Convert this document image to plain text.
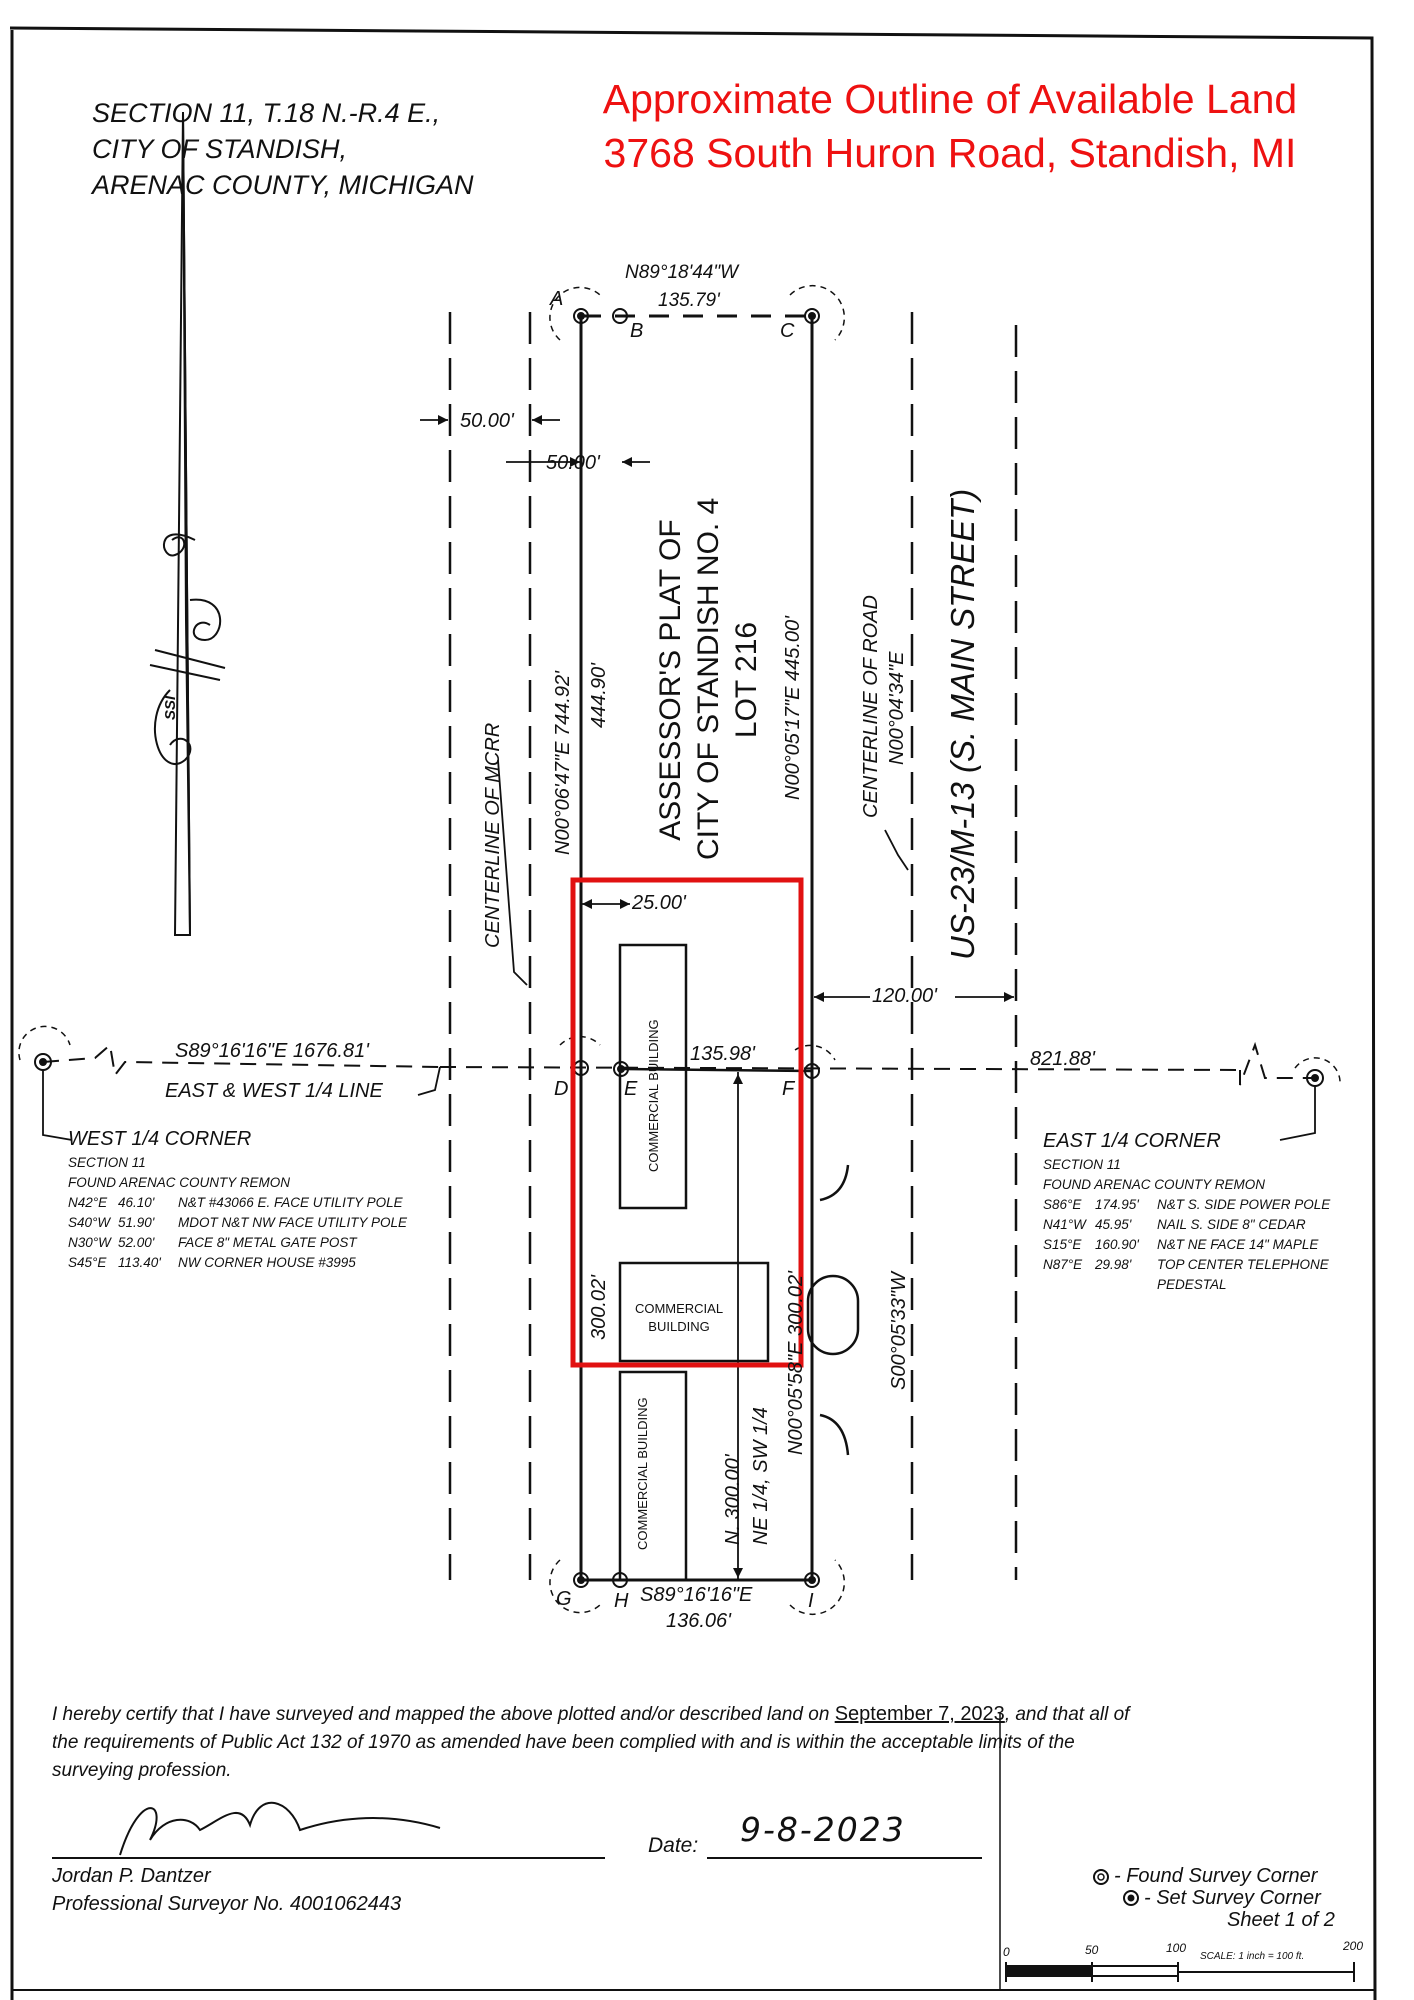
SECTION 11, T.18 N.-R.4 E.,
CITY OF STANDISH,
ARENAC COUNTY, MICHIGAN
Approximate Outline of Available Land
3768 South Huron Road, Standish, MI
N89°18'44"W
135.79'
A
B	C
D	E	F
G H	I
50.00'
50.00'
N00°06'47"E 744.92' 444.90'	N00°05'17"E 445.00'
25.00'
120.00'
135.98'
S89°16'16"E 1676.81'	821.88'
300.02'	N00°05'58"E 300.02'	S00°05'33"W
N. 300.00' NE 1/4, SW 1/4
S89°16'16"E
136.06'
ASSESSOR'S PLAT OF CITY OF STANDISH NO. 4 LOT 216	CENTERLINE OF ROAD N00°04'34"E US-23/M-13 (S. MAIN STREET)
CENTERLINE OF MCRR
EAST & WEST 1/4 LINE	COMMERCIAL BUILDING
COMMERCIAL
BUILDING
COMMERCIAL BUILDING
SSI
WEST 1/4 CORNER
SECTION 11
FOUND ARENAC COUNTY REMON
N42°E 46.10' N&T #43066 E. FACE UTILITY POLE
S40°W 51.90' MDOT N&T NW FACE UTILITY POLE
N30°W 52.00' FACE 8" METAL GATE POST
S45°E 113.40' NW CORNER HOUSE #3995
EAST 1/4 CORNER
SECTION 11
FOUND ARENAC COUNTY REMON
S86°E 174.95' N&T S. SIDE POWER POLE
N41°W 45.95' NAIL S. SIDE 8" CEDAR
S15°E 160.90' N&T NE FACE 14" MAPLE
N87°E 29.98' TOP CENTER TELEPHONE
PEDESTAL
I hereby certify that I have surveyed and mapped the above plotted and/or described land on September 7, 2023, and that all of
the requirements of Public Act 132 of 1970 as amended have been complied with and is within the acceptable limits of the
surveying profession.
Jordan P. Dantzer
Professional Surveyor No. 4001062443
Date: 9-8-2023
- Found Survey Corner
- Set Survey Corner
Sheet 1 of 2
0	50	100	200
SCALE: 1 inch = 100 ft.
